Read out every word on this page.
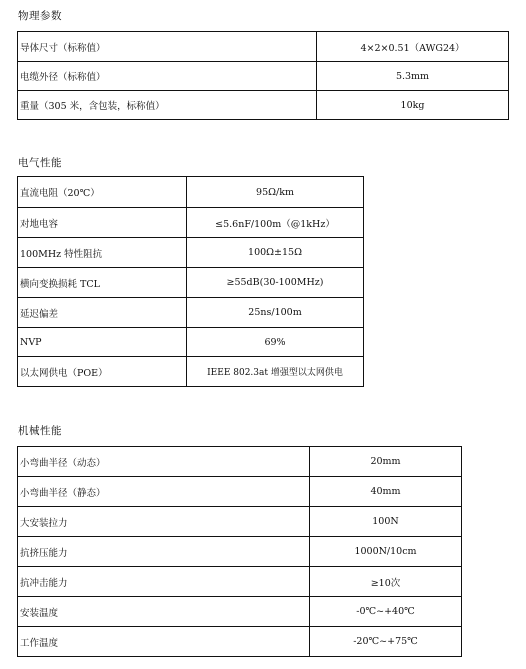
物理参数
导体尺寸（标称值）	4×2×0.51（AWG24）
电缆外径（标称值）	5.3mm
重量（305 米，含包装，标称值）	10kg
电气性能
直流电阻（20℃）	95Ω/km
对地电容	≤5.6nF/100m（@1kHz）
100MHz 特性阻抗	100Ω±15Ω
横向变换损耗 TCL	≥55dB(30-100MHz)
延迟偏差	25ns/100m
NVP	69%
以太网供电（POE）	IEEE 802.3at 增强型以太网供电
机械性能
小弯曲半径（动态）	20mm
小弯曲半径（静态）	40mm
大安装拉力	100N
抗挤压能力	1000N/10cm
抗冲击能力	≥10次
安装温度	-0℃~+40℃
工作温度	-20℃~+75℃
